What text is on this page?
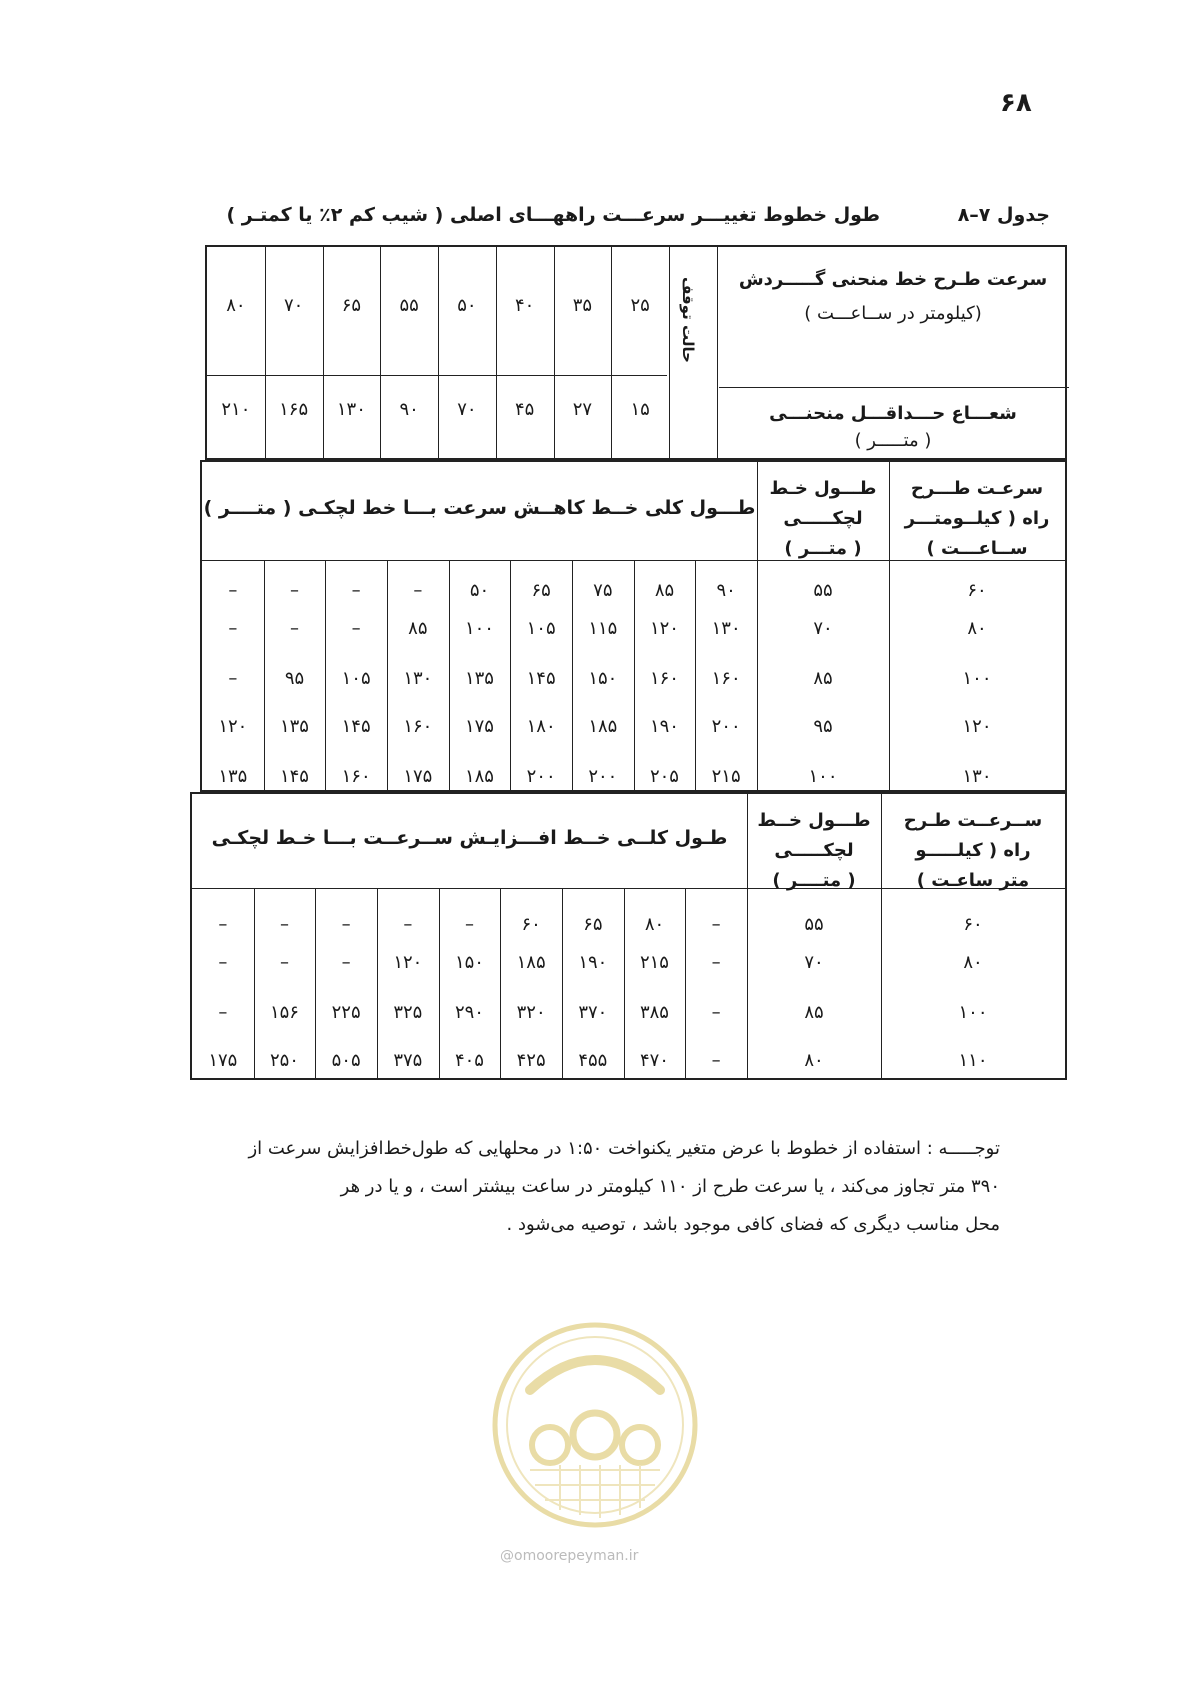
۶۸
جدول ۷–۸
طول خطوط تغییـــر سرعـــت راههـــای اصلی ( شیب کم ۲٪ یا کمتـر )
سرعت طـرح خط منحنی گـــــردش
(کیلومتر در ســاعـــت )
شعـــاع حـــداقـــل منحنـــی
( متـــــر )
حالت توقف
۲۵
۱۵
۳۵
۲۷
۴۰
۴۵
۵۰
۷۰
۵۵
۹۰
۶۵
۱۳۰
۷۰
۱۶۵
۸۰
۲۱۰
سرعـت طـــرح
راه ( کیلــومتـــر
ســاعـــت )
طـــول خـط
لچکـــــی
( متـــر )
طـــول کلی خــط کاهــش سرعت بـــا خط لچکـی ( متــــر )
۶۰
۵۵
۹۰
۸۵
۷۵
۶۵
۵۰
–
–
–
–
۸۰
۷۰
۱۳۰
۱۲۰
۱۱۵
۱۰۵
۱۰۰
۸۵
–
–
–
۱۰۰
۸۵
۱۶۰
۱۶۰
۱۵۰
۱۴۵
۱۳۵
۱۳۰
۱۰۵
۹۵
–
۱۲۰
۹۵
۲۰۰
۱۹۰
۱۸۵
۱۸۰
۱۷۵
۱۶۰
۱۴۵
۱۳۵
۱۲۰
۱۳۰
۱۰۰
۲۱۵
۲۰۵
۲۰۰
۲۰۰
۱۸۵
۱۷۵
۱۶۰
۱۴۵
۱۳۵
ســرعــت طـرح
راه ( کیلـــــو
متر ساعـت )
طـــول خــط
لچکـــــی
( متــــر )
طـول کلــی خــط افـــزایـش ســرعــت بـــا خـط لچکـی
۶۰
۵۵
–
۸۰
۶۵
۶۰
–
–
–
–
–
۸۰
۷۰
–
۲۱۵
۱۹۰
۱۸۵
۱۵۰
۱۲۰
–
–
–
۱۰۰
۸۵
–
۳۸۵
۳۷۰
۳۲۰
۲۹۰
۳۲۵
۲۲۵
۱۵۶
–
۱۱۰
۸۰
–
۴۷۰
۴۵۵
۴۲۵
۴۰۵
۳۷۵
۵۰۵
۲۵۰
۱۷۵

توجـــــه : استفاده از خطوط با عرض متغیر یکنواخت ۱:۵۰ در محلهایی که طول‌خط‌افزایش سرعت از

۳۹۰ متر تجاوز می‌کند ، یا سرعت طرح از ۱۱۰ کیلومتر در ساعت بیشتر است ، و یا در هر

محل مناسب دیگری که فضای کافی موجود باشد ، توصیه می‌شود .

@omoorepeyman.ir
